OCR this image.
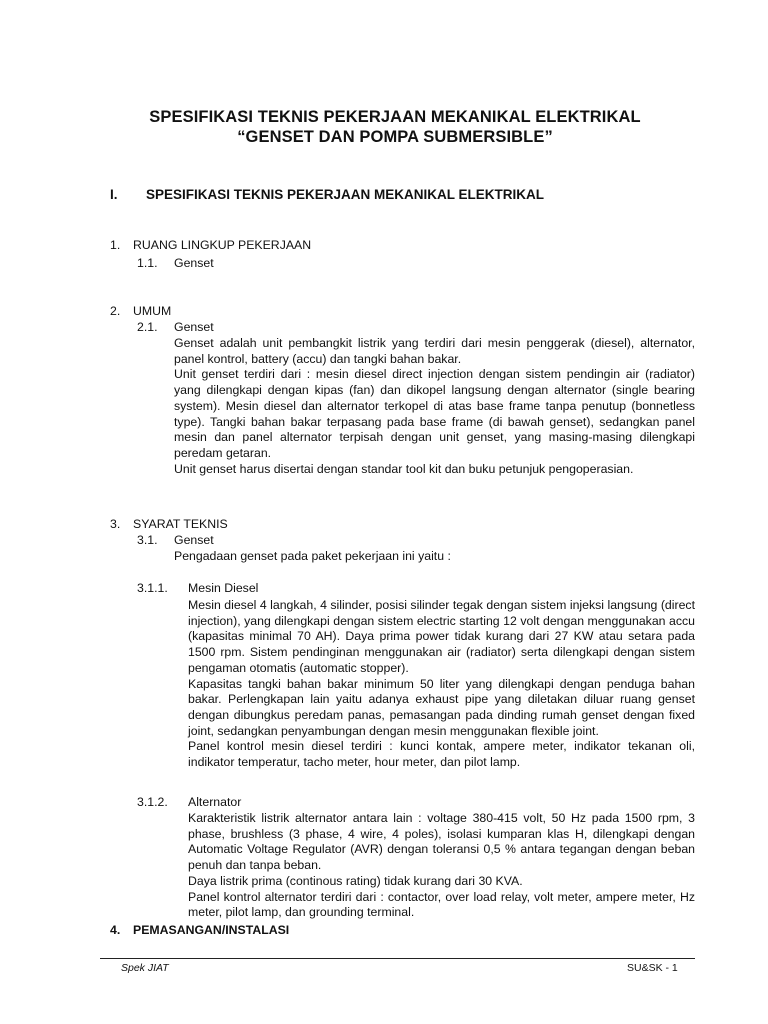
SPESIFIKASI TEKNIS PEKERJAAN MEKANIKAL ELEKTRIKAL
“GENSET DAN POMPA SUBMERSIBLE”
I. SPESIFIKASI TEKNIS PEKERJAAN MEKANIKAL ELEKTRIKAL
1. RUANG LINGKUP PEKERJAAN
1.1. Genset
2. UMUM
2.1. Genset

Genset adalah unit pembangkit listrik yang terdiri dari mesin penggerak (diesel), alternator, panel kontrol, battery (accu) dan tangki bahan bakar.

Unit genset terdiri dari : mesin diesel direct injection dengan sistem pendingin air (radiator) yang dilengkapi dengan kipas (fan) dan dikopel langsung dengan alternator (single bearing system). Mesin diesel dan alternator terkopel di atas base frame tanpa penutup (bonnetless type). Tangki bahan bakar terpasang pada base frame (di bawah genset), sedangkan panel mesin dan panel alternator terpisah dengan unit genset, yang masing-masing dilengkapi peredam getaran.

Unit genset harus disertai dengan standar tool kit dan buku petunjuk pengoperasian.

3. SYARAT TEKNIS
3.1. Genset
Pengadaan genset pada paket pekerjaan ini yaitu :
3.1.1. Mesin Diesel

Mesin diesel 4 langkah, 4 silinder, posisi silinder tegak dengan sistem injeksi langsung (direct injection), yang dilengkapi dengan sistem electric starting 12 volt dengan menggunakan accu (kapasitas minimal 70 AH). Daya prima power tidak kurang dari 27 KW atau setara pada 1500 rpm. Sistem pendinginan menggunakan air (radiator) serta dilengkapi dengan sistem pengaman otomatis (automatic stopper).

Kapasitas tangki bahan bakar minimum 50 liter yang dilengkapi dengan penduga bahan bakar. Perlengkapan lain yaitu adanya exhaust pipe yang diletakan diluar ruang genset dengan dibungkus peredam panas, pemasangan pada dinding rumah genset dengan fixed joint, sedangkan penyambungan dengan mesin menggunakan flexible joint.

Panel kontrol mesin diesel terdiri : kunci kontak, ampere meter, indikator tekanan oli, indikator temperatur, tacho meter, hour meter, dan pilot lamp.

3.1.2. Alternator

Karakteristik listrik alternator antara lain : voltage 380-415 volt, 50 Hz pada 1500 rpm, 3 phase, brushless (3 phase, 4 wire, 4 poles), isolasi kumparan klas H, dilengkapi dengan Automatic Voltage Regulator (AVR) dengan toleransi 0,5 % antara tegangan dengan beban penuh dan tanpa beban.

Daya listrik prima (continous rating) tidak kurang dari 30 KVA.

Panel kontrol alternator terdiri dari : contactor, over load relay, volt meter, ampere meter, Hz meter, pilot lamp, dan grounding terminal.

4. PEMASANGAN/INSTALASI
Spek JIAT	SU&SK - 1
